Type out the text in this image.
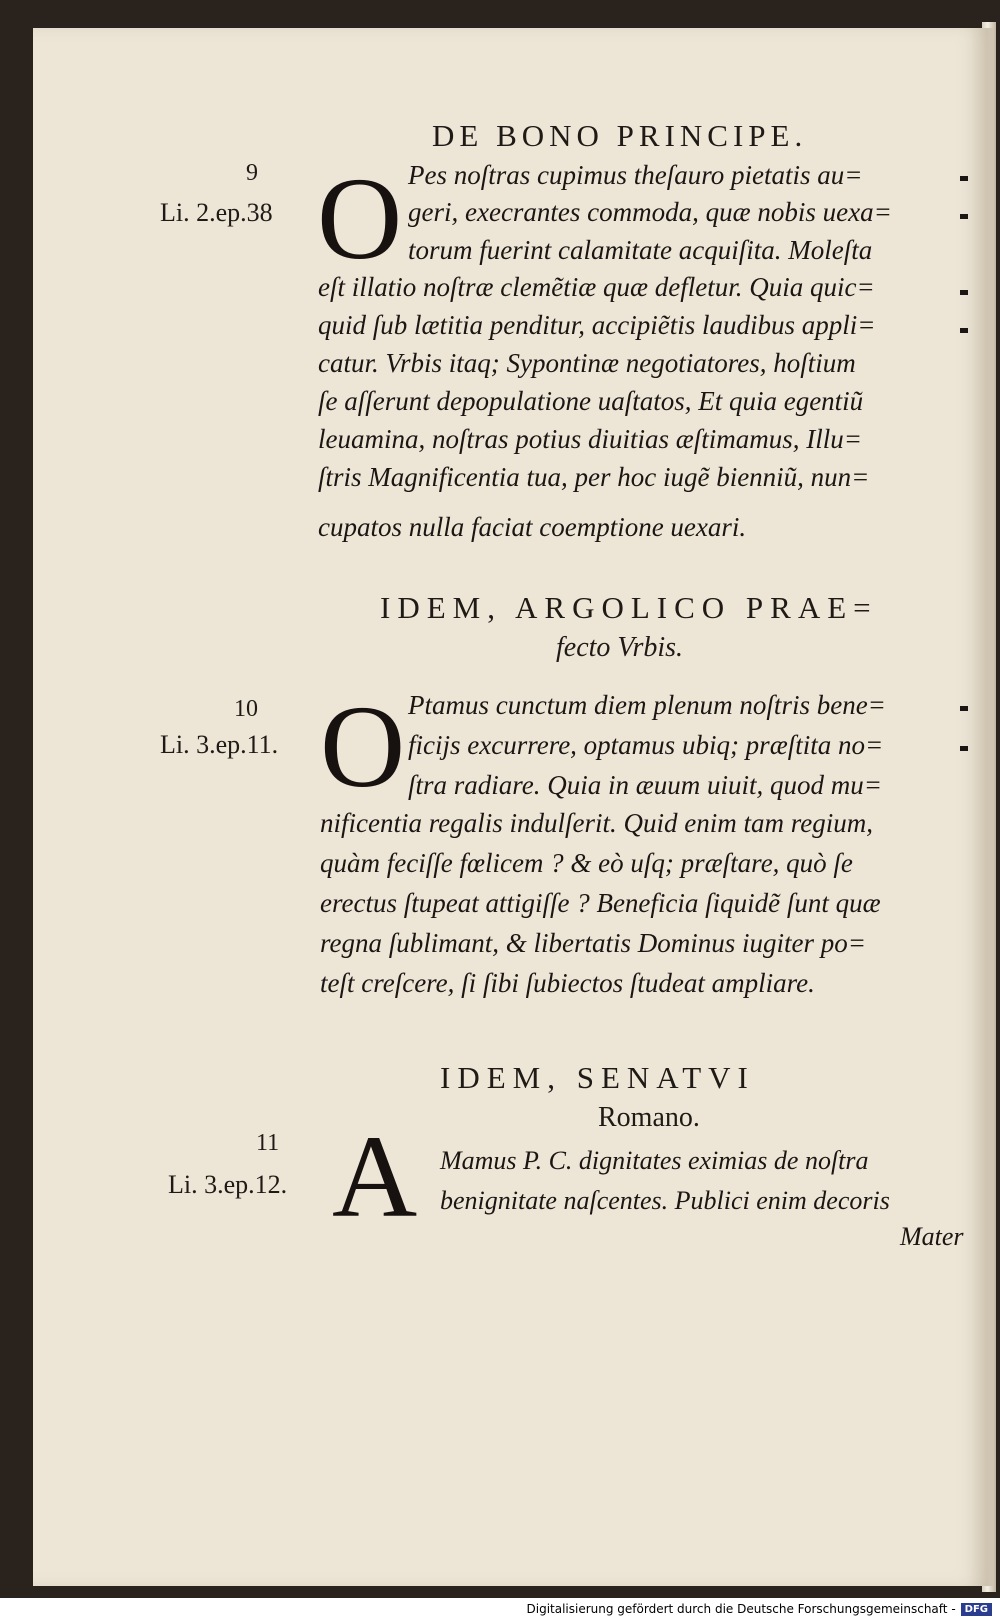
DE BONO PRINCIPE.
9
Li. 2.ep.38 O Pes noſtras cupimus theſauro pietatis au=
geri, execrantes commoda, quæ nobis uexa=
torum fuerint calamitate acquiſita. Moleſta
eſt illatio noſtræ clemẽtiæ quæ defletur. Quia quic=
quid ſub lætitia penditur, accipiẽtis laudibus appli=
catur. Vrbis itaq; Sypontinæ negotiatores, hoſtium
ſe aſſerunt depopulatione uaſtatos, Et quia egentiũ
leuamina, noſtras potius diuitias æſtimamus, Illu=
ſtris Magnificentia tua, per hoc iugẽ bienniũ, nun=
cupatos nulla faciat coemptione uexari.
IDEM, ARGOLICO PRAE=
fecto Vrbis.
10
Li. 3.ep.11. O Ptamus cunctum diem plenum noſtris bene=
ficijs excurrere, optamus ubiq; præſtita no=
ſtra radiare. Quia in æuum uiuit, quod mu=
nificentia regalis indulſerit. Quid enim tam regium,
quàm feciſſe fœlicem ? & eò uſq; præſtare, quò ſe
erectus ſtupeat attigiſſe ? Beneficia ſiquidẽ ſunt quæ
regna ſublimant, & libertatis Dominus iugiter po=
teſt creſcere, ſi ſibi ſubiectos ſtudeat ampliare.
IDEM, SENATVI
Romano.
11
Li. 3.ep.12. A Mamus P. C. dignitates eximias de noſtra
benignitate naſcentes. Publici enim decoris
Mater
Digitalisierung gefördert durch die Deutsche Forschungsgemeinschaft - DFG
